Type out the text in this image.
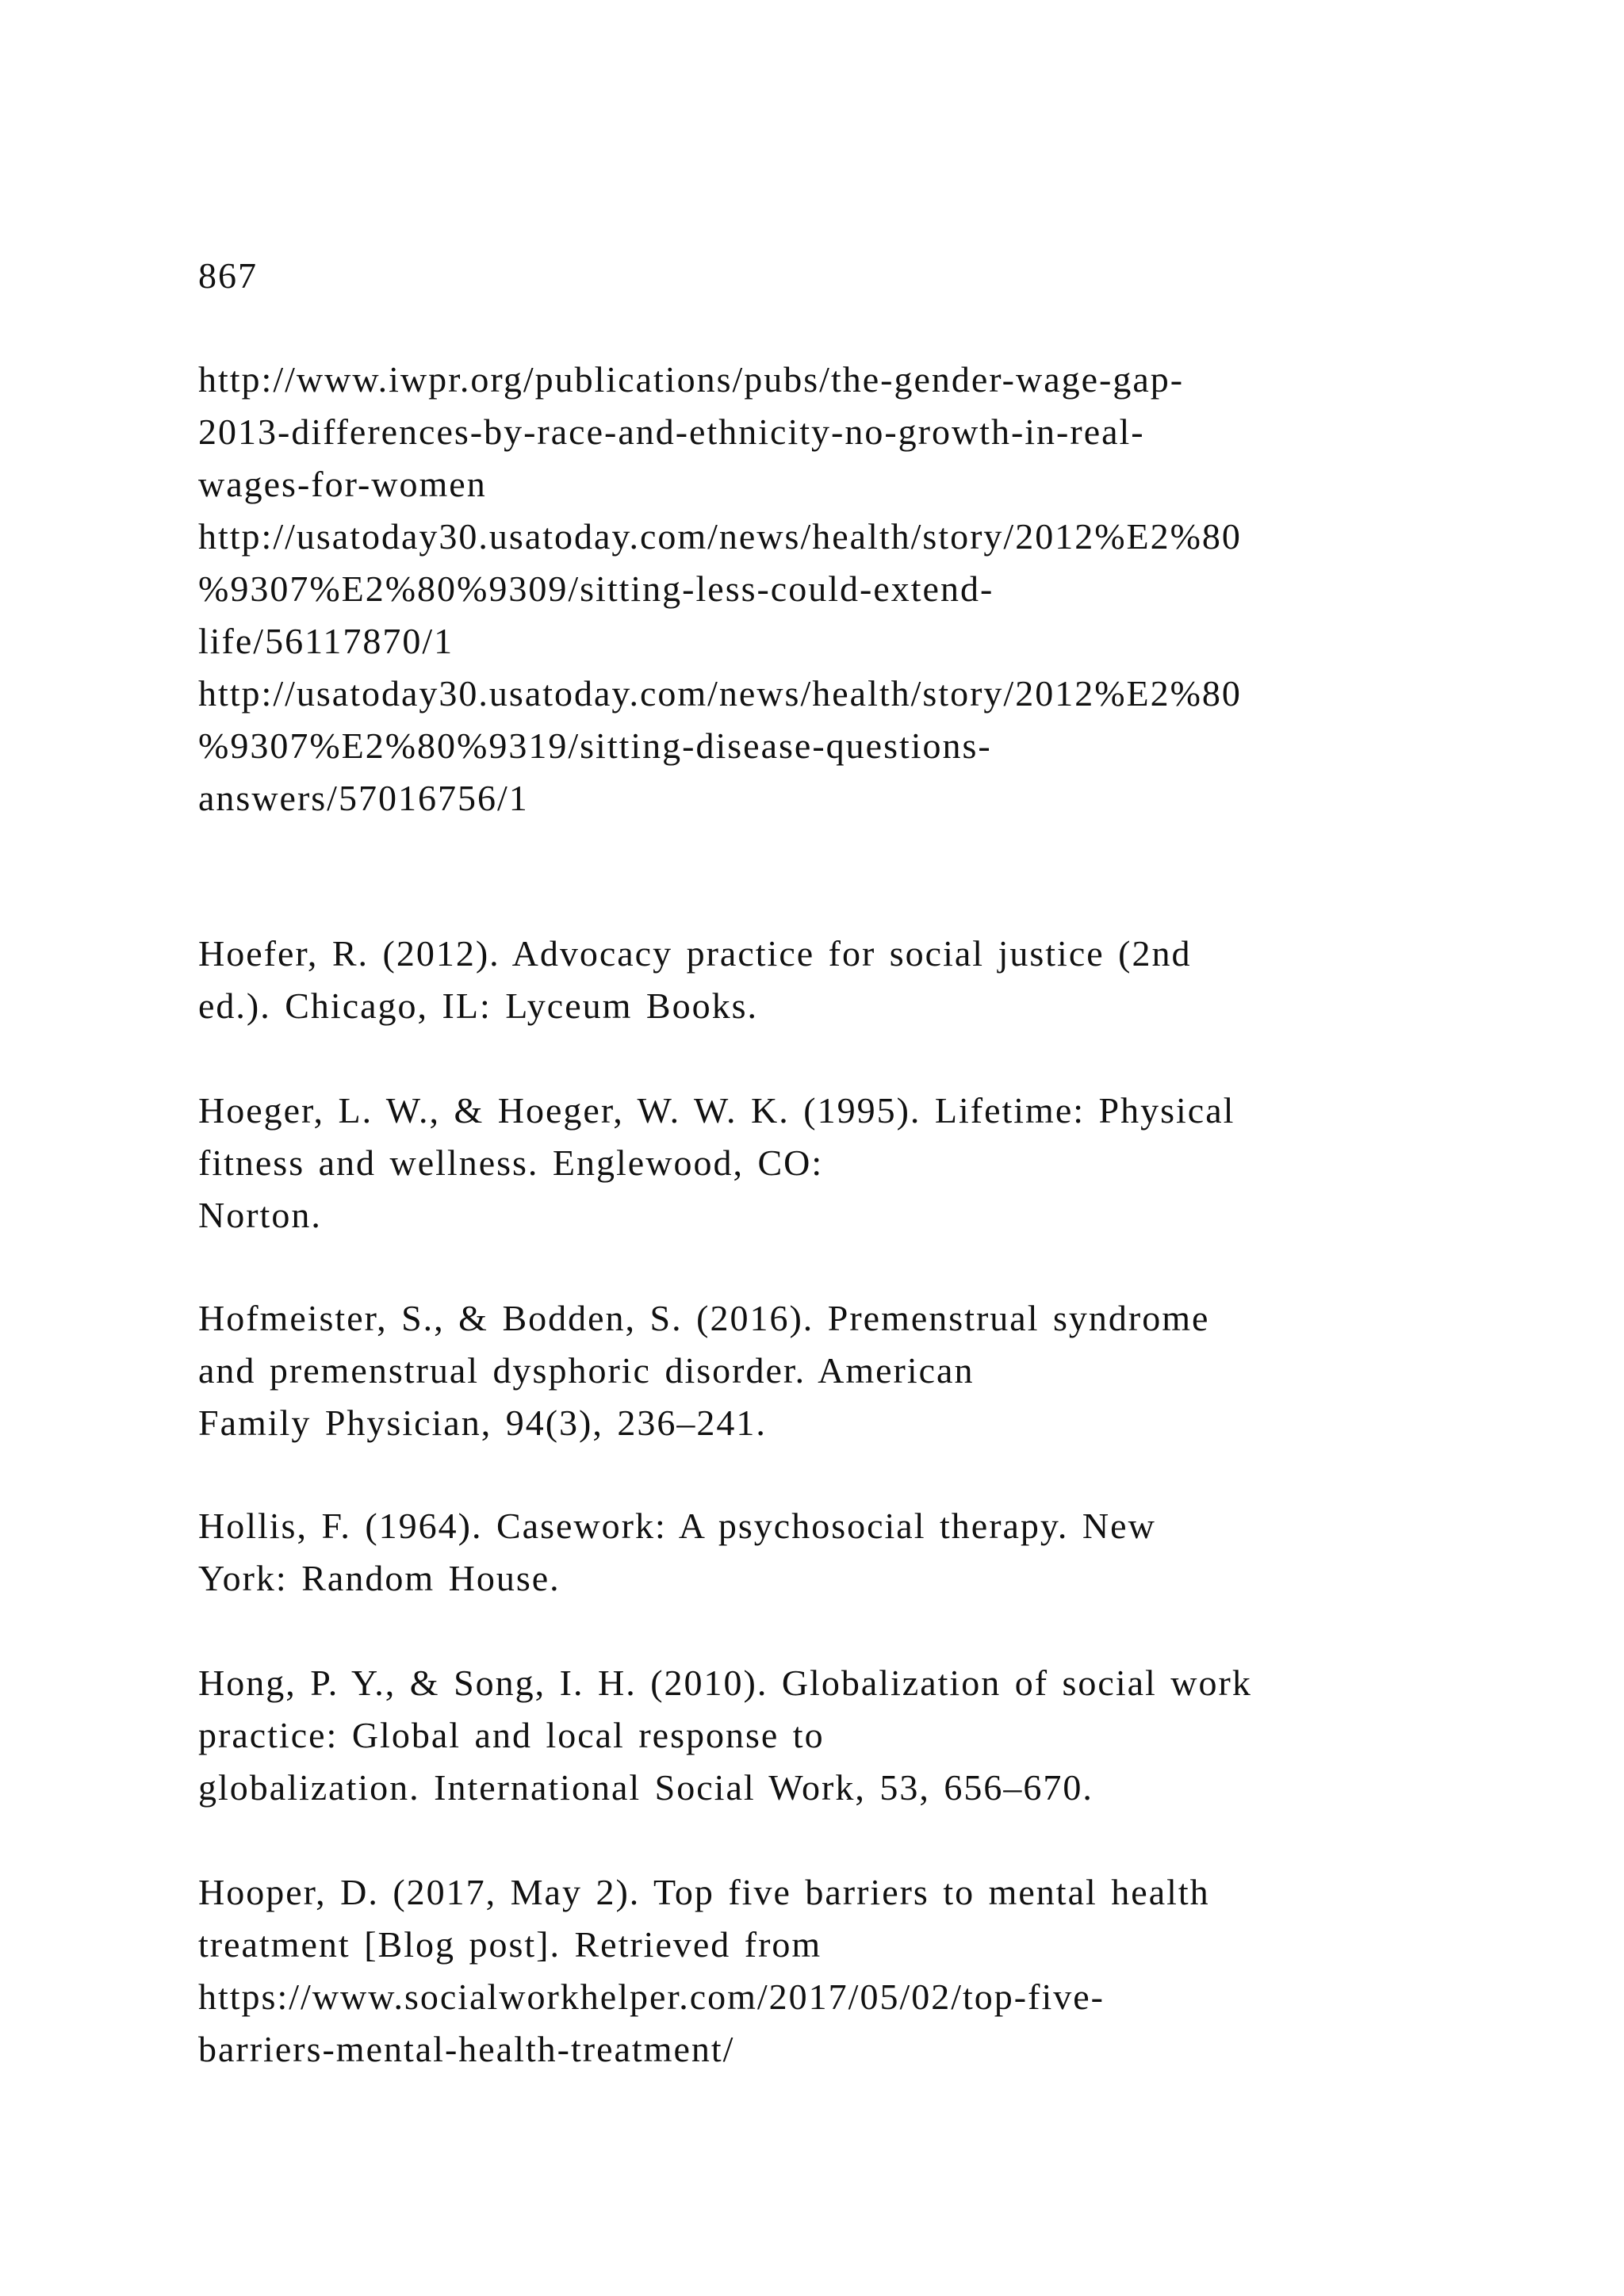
867
http://www.iwpr.org/publications/pubs/the-gender-wage-gap-
2013-differences-by-race-and-ethnicity-no-growth-in-real-
wages-for-women
http://usatoday30.usatoday.com/news/health/story/2012%E2%80
%9307%E2%80%9309/sitting-less-could-extend-
life/56117870/1
http://usatoday30.usatoday.com/news/health/story/2012%E2%80
%9307%E2%80%9319/sitting-disease-questions-
answers/57016756/1
Hoefer, R. (2012). Advocacy practice for social justice (2nd
ed.). Chicago, IL: Lyceum Books.
Hoeger, L. W., & Hoeger, W. W. K. (1995). Lifetime: Physical
fitness and wellness. Englewood, CO:
Norton.
Hofmeister, S., & Bodden, S. (2016). Premenstrual syndrome
and premenstrual dysphoric disorder. American
Family Physician, 94(3), 236–241.
Hollis, F. (1964). Casework: A psychosocial therapy. New
York: Random House.
Hong, P. Y., & Song, I. H. (2010). Globalization of social work
practice: Global and local response to
globalization. International Social Work, 53, 656–670.
Hooper, D. (2017, May 2). Top five barriers to mental health
treatment [Blog post]. Retrieved from
https://www.socialworkhelper.com/2017/05/02/top-five-
barriers-mental-health-treatment/
